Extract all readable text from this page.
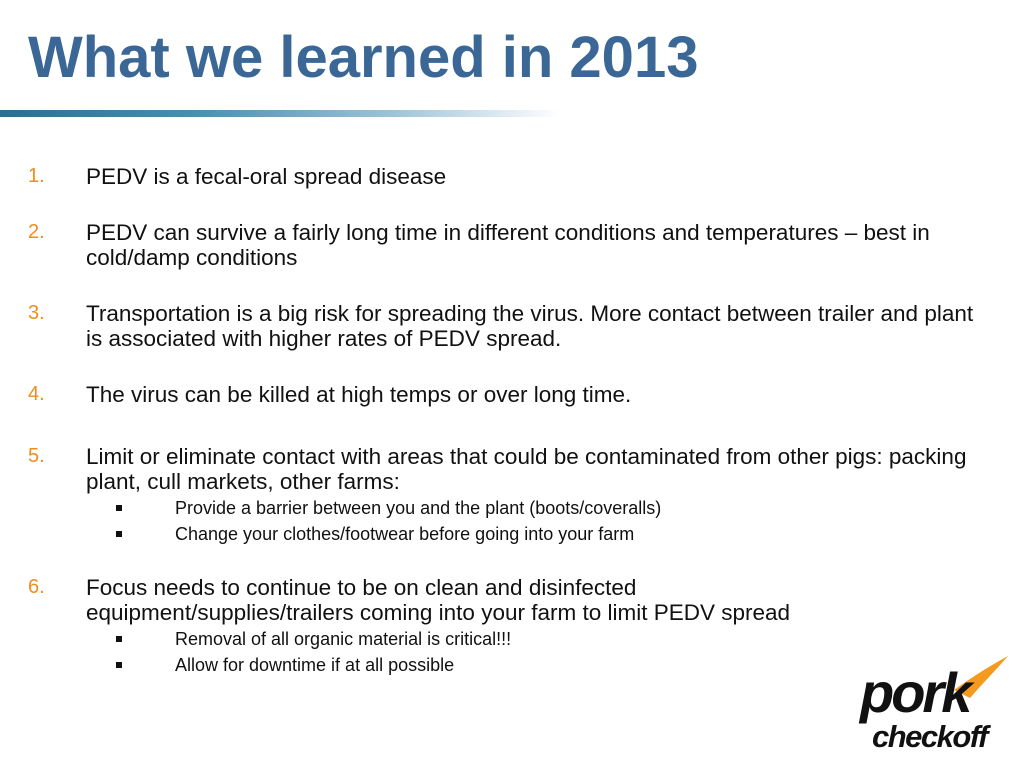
What we learned in 2013
1. PEDV is a fecal-oral spread disease
2. PEDV can survive a fairly long time in different conditions and temperatures – best in cold/damp conditions
3. Transportation is a big risk for spreading the virus. More contact between trailer and plant is associated with higher rates of PEDV spread.
4. The virus can be killed at high temps or over long time.
5. Limit or eliminate contact with areas that could be contaminated from other pigs: packing plant, cull markets, other farms:
Provide a barrier between you and the plant (boots/coveralls)
Change your clothes/footwear before going into your farm
6. Focus needs to continue to be on clean and disinfected equipment/supplies/trailers coming into your farm to limit PEDV spread
Removal of all organic material is critical!!!
Allow for downtime if at all possible	pork
checkoff
